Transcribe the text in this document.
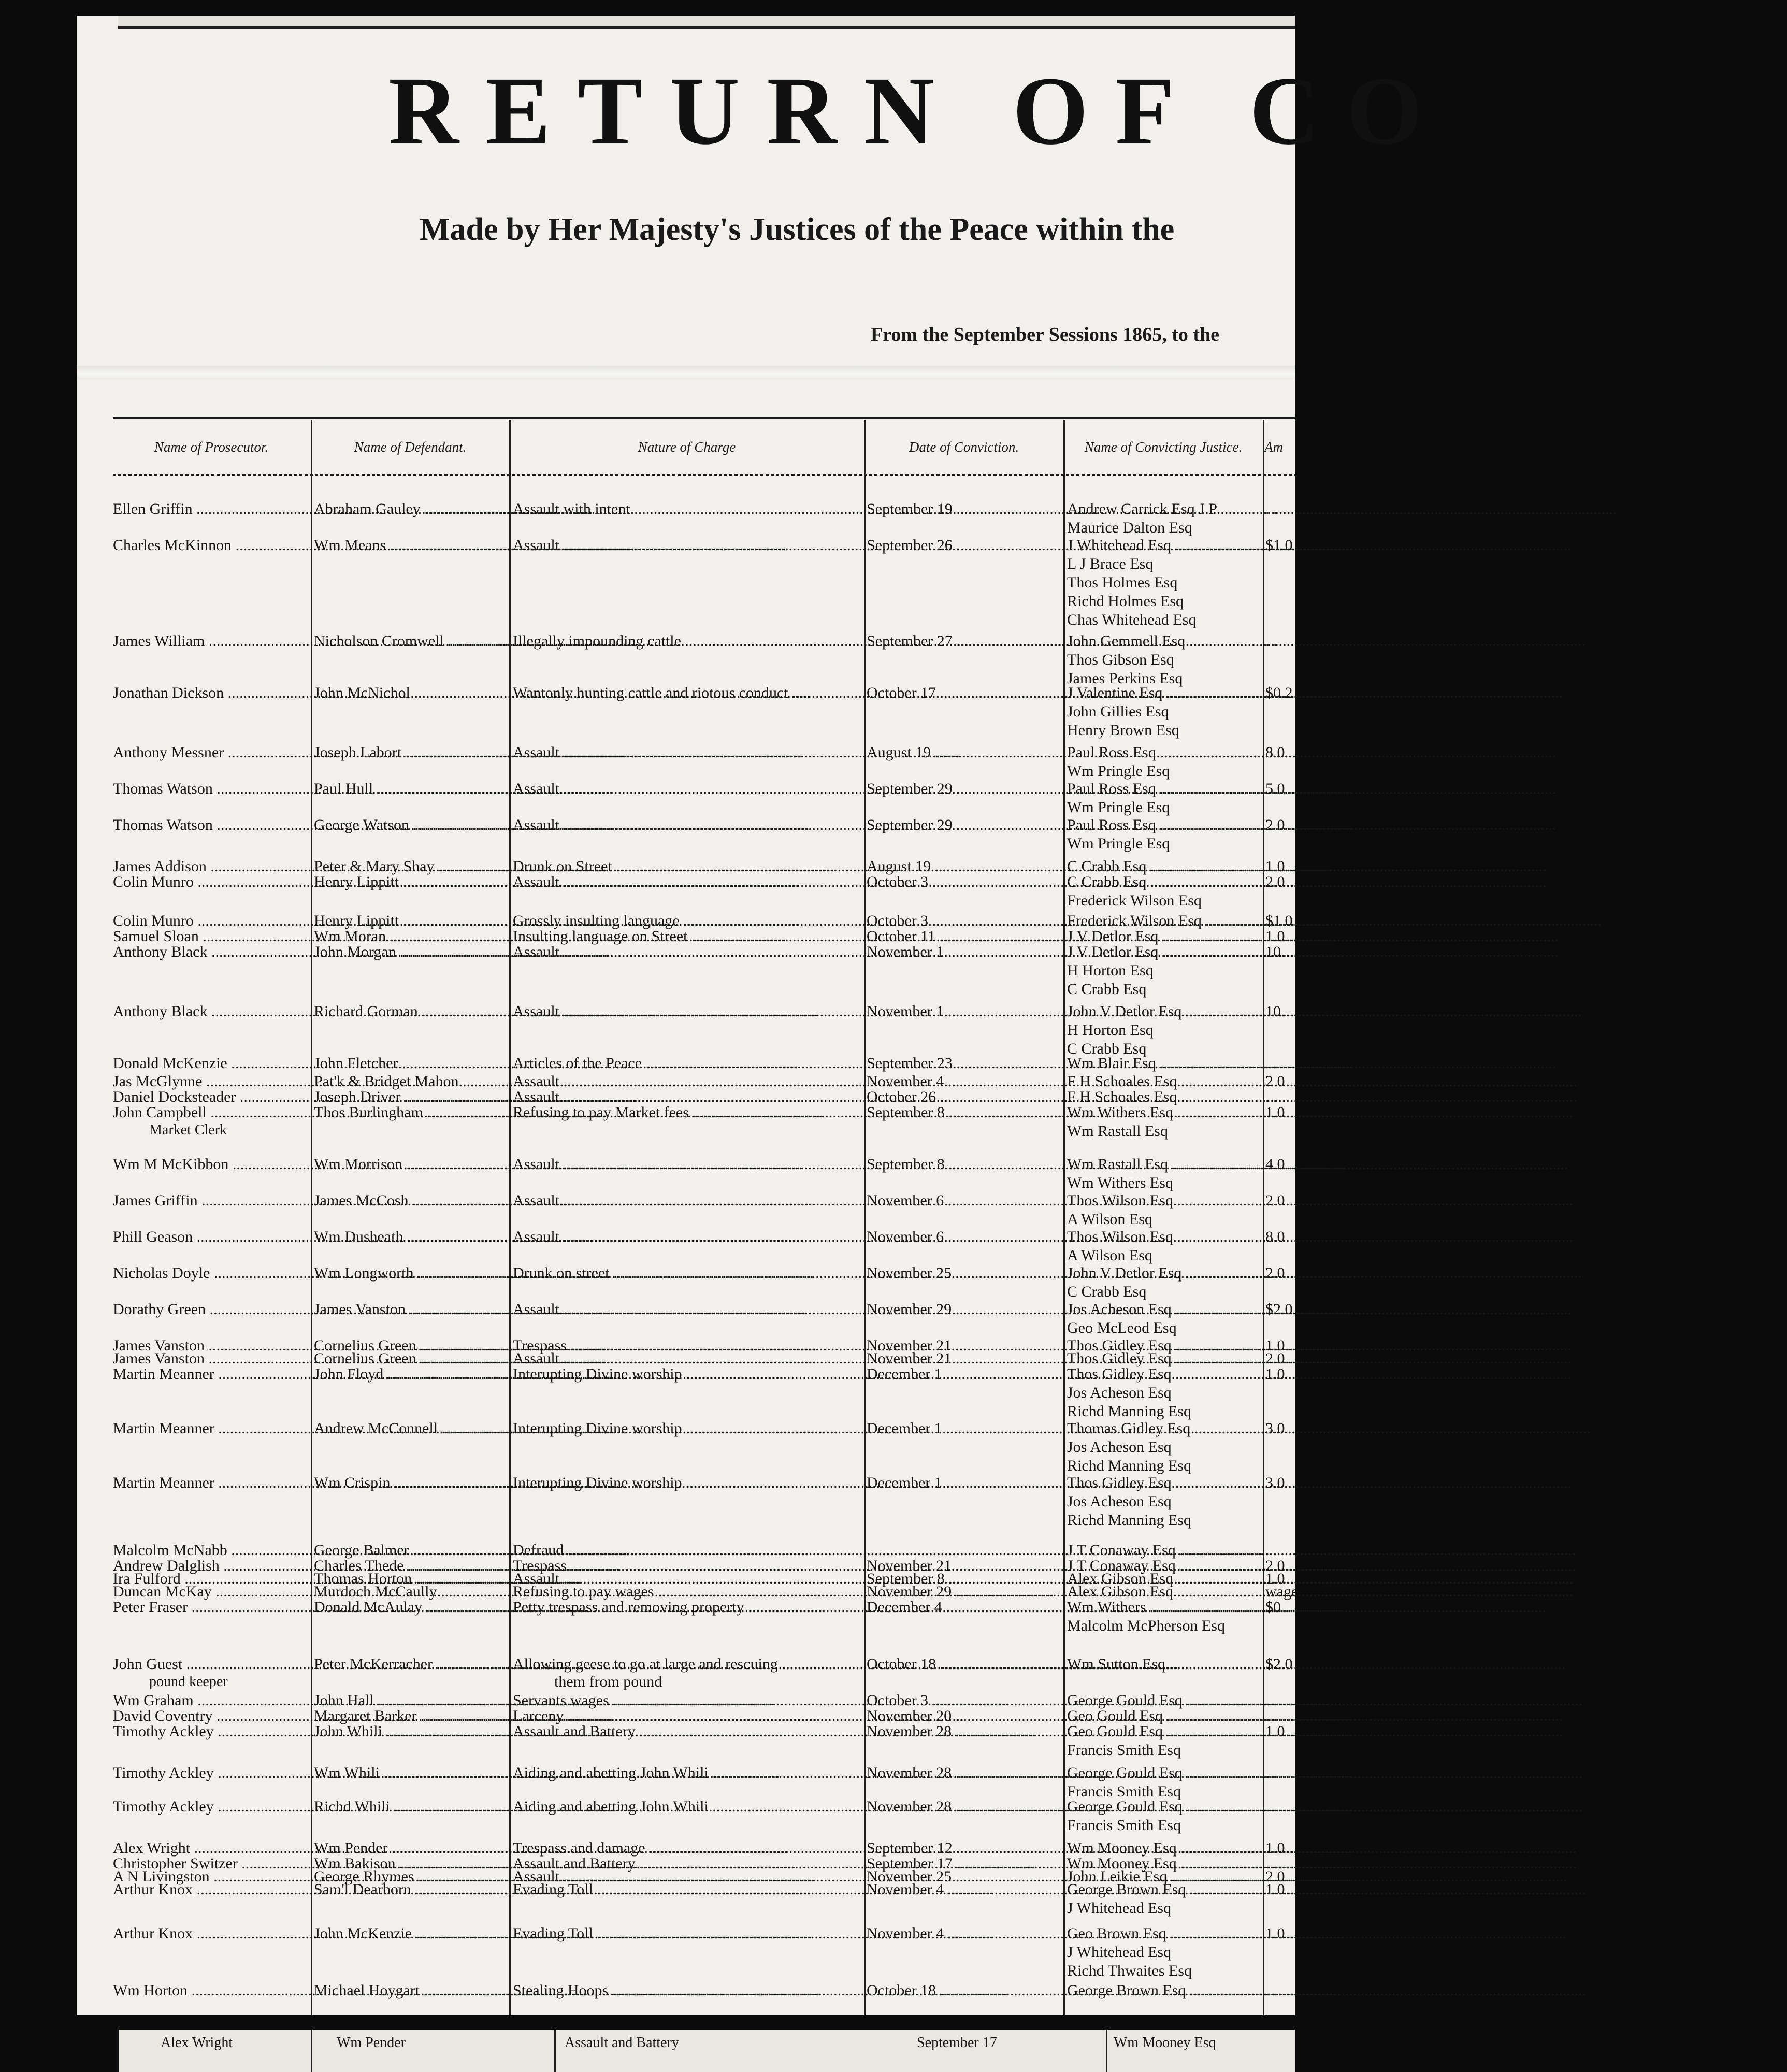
RETURN OF CO
Made by Her Majesty's Justices of the Peace within the
From the September Sessions 1865, to the
Name of Prosecutor.	Name of Defendant.	Nature of Charge	Date of Conviction.	Name of Convicting Justice.	Am
Ellen Griffin .....	Abraham Gauley .....	Assault with intent .....	September 19 .....	Andrew Carrick Esq J P .....
Maurice Dalton Esq
. .
Charles McKinnon .....	Wm Means .....	Assault .....	September 26 .....	J Whitehead Esq .....
L J Brace Esq
Thos Holmes Esq
Richd Holmes Esq
Chas Whitehead Esq
$1.0
James William .....	Nicholson Cromwell .....	Illegally impounding cattle .....	September 27 .....	John Gemmell Esq .....
Thos Gibson Esq
James Perkins Esq
. .
Jonathan Dickson .....	John McNichol .....	Wantonly hunting cattle and riotous conduct .....	October 17 .....	J Valentine Esq .....
John Gillies Esq
Henry Brown Esq
$0.2
Anthony Messner .....	Joseph Labort .....	Assault .....	August 19 .....	Paul Ross Esq .....
Wm Pringle Esq
8.0
Thomas Watson .....	Paul Hull .....	Assault .....	September 29 .....	Paul Ross Esq .....
Wm Pringle Esq
5.0
Thomas Watson .....	George Watson .....	Assault .....	September 29 .....	Paul Ross Esq .....
Wm Pringle Esq
2 0
James Addison .....	Peter & Mary Shay .....	Drunk on Street .....	August 19 .....	C Crabb Esq .....	1.0
Colin Munro .....	Henry Lippitt .....	Assault .....	October 3 .....	C Crabb Esq .....
Frederick Wilson Esq
2.0
Colin Munro .....	Henry Lippitt .....	Grossly insulting language .....	October 3 .....	Frederick Wilson Esq .....	$1 0
Samuel Sloan .....	Wm Moran .....	Insulting language on Street .....	October 11 .....	J V Detlor Esq .....	1.0
Anthony Black .....	John Morgan .....	Assault .....	November 1 .....	J V Detlor Esq .....
H Horton Esq
C Crabb Esq
10.
Anthony Black .....	Richard Gorman .....	Assault .....	November 1 .....	John V Detlor Esq .....
H Horton Esq
C Crabb Esq
10.
Donald McKenzie .....	John Fletcher .....	Articles of the Peace .....	September 23 .....	Wm Blair Esq .....	. .
Jas McGlynne .....	Pat'k & Bridget Mahon .....	Assault .....	November 4 .....	F H Schoales Esq .....	2 0
Daniel Docksteader .....	Joseph Driver .....	Assault .....	October 26 .....	F H Schoales Esq .....	. .
John Campbell .....
Market Clerk
Thos Burlingham .....	Refusing to pay Market fees .....	September 8 .....	Wm Withers Esq .....
Wm Rastall Esq
1.0
Wm M McKibbon .....	Wm Morrison .....	Assault .....	September 8 .....	Wm Rastall Esq .....
Wm Withers Esq
4.0
James Griffin .....	James McCosh .....	Assault .....	November 6 .....	Thos Wilson Esq .....
A Wilson Esq
2.0
Phill Geason .....	Wm Dusheath .....	Assault .....	November 6 .....	Thos Wilson Esq .....
A Wilson Esq
8.0
Nicholas Doyle .....	Wm Longworth .....	Drunk on street .....	November 25 .....	John V Detlor Esq .....
C Crabb Esq
2.0
Dorathy Green .....	James Vanston .....	Assault .....	November 29 .....	Jos Acheson Esq .....
Geo McLeod Esq
$2.0
James Vanston .....	Cornelius Green .....	Trespass .....	November 21 .....	Thos Gidley Esq .....	1.0
James Vanston .....	Cornelius Green .....	Assault .....	November 21 .....	Thos Gidley Esq .....	2 0
Martin Meanner .....	John Floyd .....	Interupting Divine worship .....	December 1 .....	Thos Gidley Esq .....
Jos Acheson Esq
Richd Manning Esq
1.0
Martin Meanner .....	Andrew McConnell .....	Interupting Divine worship .....	December 1 .....	Thomas Gidley Esq .....
Jos Acheson Esq
Richd Manning Esq
3.0
Martin Meanner .....	Wm Crispin .....	Interupting Divine worship .....	December 1 .....	Thos Gidley Esq .....
Jos Acheson Esq
Richd Manning Esq
3.0
Malcolm McNabb .....	George Balmer .....	Defraud .....
.....	J T Conaway Esq .....	. .
Andrew Dalglish .....	Charles Thede .....	Trespass .....	November 21 .....	J T Conaway Esq .....	2.0
Ira Fulford .....	Thomas Horton .....	Assault .....	September 8 .....	Alex Gibson Esq .....	1.0
Duncan McKay .....	Murdoch McCaully .....	Refusing to pay wages .....	November 29 .....	Alex Gibson Esq .....	wage
Peter Fraser .....	Donald McAulay .....	Petty trespass and removing property .....	December 4 .....	Wm Withers .....
Malcolm McPherson Esq
$0
John Guest .....
pound keeper
Peter McKerracher .....	Allowing geese to go at large and rescuing .....
them from pound
October 18 .....	Wm Sutton Esq .....	$2.0
Wm Graham .....	John Hall .....	Servants wages .....	October 3 .....	George Gould Esq .....	. .
David Coventry .....	Margaret Barker .....	Larceny .....	November 20 .....	Geo Gould Esq .....	. .
Timothy Ackley .....	John Whili .....	Assault and Battery .....	November 28 .....	Geo Gould Esq .....
Francis Smith Esq
1.0
Timothy Ackley .....	Wm Whili .....	Aiding and abetting John Whili .....	November 28 .....	George Gould Esq .....
Francis Smith Esq
. .
Timothy Ackley .....	Richd Whili .....	Aiding and abetting John Whili .....	November 28 .....	George Gould Esq .....
Francis Smith Esq
. .
Alex Wright .....	Wm Pender .....	Trespass and damage .....	September 12 .....	Wm Mooney Esq .....	1.0
Christopher Switzer .....	Wm Bakison .....	Assault and Battery .....	September 17 .....	Wm Mooney Esq .....	. .
A N Livingston .....	George Rhymes .....	Assault .....	November 25 .....	John Leikie Esq .....	2 0
Arthur Knox .....	Sam'l Dearborn .....	Evading Toll .....	November 4 .....	George Brown Esq .....
J Whitehead Esq
1.0
Arthur Knox .....	John McKenzie .....	Evading Toll .....	November 4 .....	Geo Brown Esq .....
J Whitehead Esq
Richd Thwaites Esq
1.0
Wm Horton .....	Michael Hoygart .....	Stealing Hoops .....	October 18 .....	George Brown Esq .....	. .
Alex Wright	Wm Pender	Assault and Battery	September 17	Wm Mooney Esq
